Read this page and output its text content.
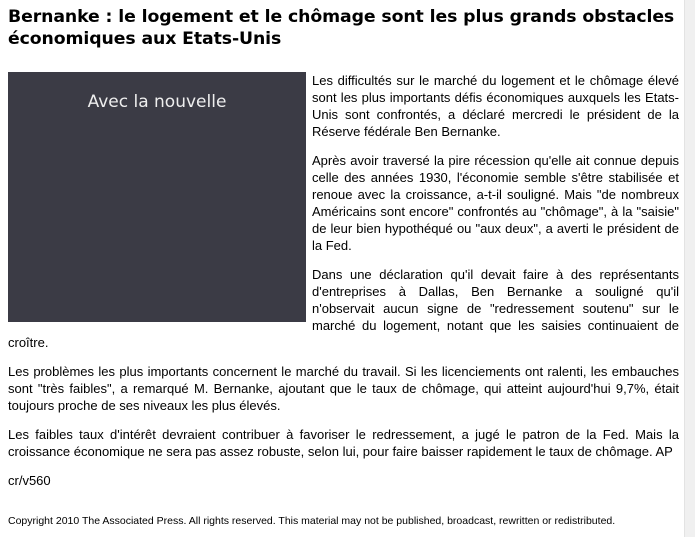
Bernanke : le logement et le chômage sont les plus grands obstacles économiques aux Etats-Unis
Avec la nouvelle

Les difficultés sur le marché du logement et le chômage élevé sont les plus importants défis économiques auxquels les Etats-Unis sont confrontés, a déclaré mercredi le président de la Réserve fédérale Ben Bernanke.

Après avoir traversé la pire récession qu'elle ait connue depuis celle des années 1930, l'économie semble s'être stabilisée et renoue avec la croissance, a-t-il souligné. Mais "de nombreux Américains sont encore" confrontés au "chômage", à la "saisie" de leur bien hypothéqué ou "aux deux", a averti le président de la Fed.

Dans une déclaration qu'il devait faire à des représentants d'entreprises à Dallas, Ben Bernanke a souligné qu'il n'observait aucun signe de "redressement soutenu" sur le marché du logement, notant que les saisies continuaient de croître.

Les problèmes les plus importants concernent le marché du travail. Si les licenciements ont ralenti, les embauches sont "très faibles", a remarqué M. Bernanke, ajoutant que le taux de chômage, qui atteint aujourd'hui 9,7%, était toujours proche de ses niveaux les plus élevés.

Les faibles taux d'intérêt devraient contribuer à favoriser le redressement, a jugé le patron de la Fed. Mais la croissance économique ne sera pas assez robuste, selon lui, pour faire baisser rapidement le taux de chômage. AP

cr/v560

Copyright 2010 The Associated Press. All rights reserved. This material may not be published, broadcast, rewritten or redistributed.
